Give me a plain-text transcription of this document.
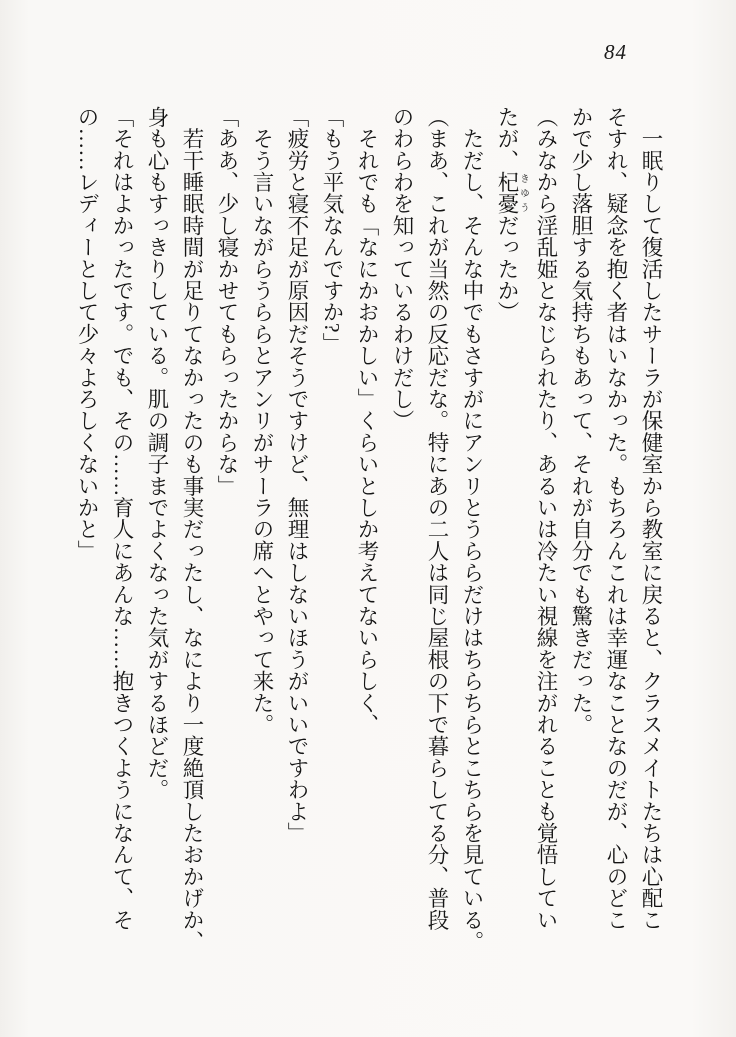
84
　一眠りして復活したサーラが保健室から教室に戻ると、クラスメイトたちは心配こ
そすれ、疑念を抱く者はいなかった。もちろんこれは幸運なことなのだが、心のどこ
かで少し落胆する気持ちもあって、それが自分でも驚きだった。
（みなから淫乱姫となじられたり、あるいは冷たい視線を注がれることも覚悟してい
たが、杞憂 きゆうだったか）
　ただし、そんな中でもさすがにアンリとうららだけはちらちらとこちらを見ている。
（まあ、これが当然の反応だな。特にあの二人は同じ屋根の下で暮らしてる分、普段
のわらわを知っているわけだし）
　それでも「なにかおかしい」くらいとしか考えてないらしく、
「もう平気なんですか?」
「疲労と寝不足が原因だそうですけど、無理はしないほうがいいですわよ」
　そう言いながらうららとアンリがサーラの席へとやって来た。
「ああ、少し寝かせてもらったからな」
　若干睡眠時間が足りてなかったのも事実だったし、なにより一度絶頂したおかげか、
身も心もすっきりしている。肌の調子までよくなった気がするほどだ。
「それはよかったです。でも、その……育人にあんな……抱きつくようになんて、そ
の……レディーとして少々よろしくないかと」
